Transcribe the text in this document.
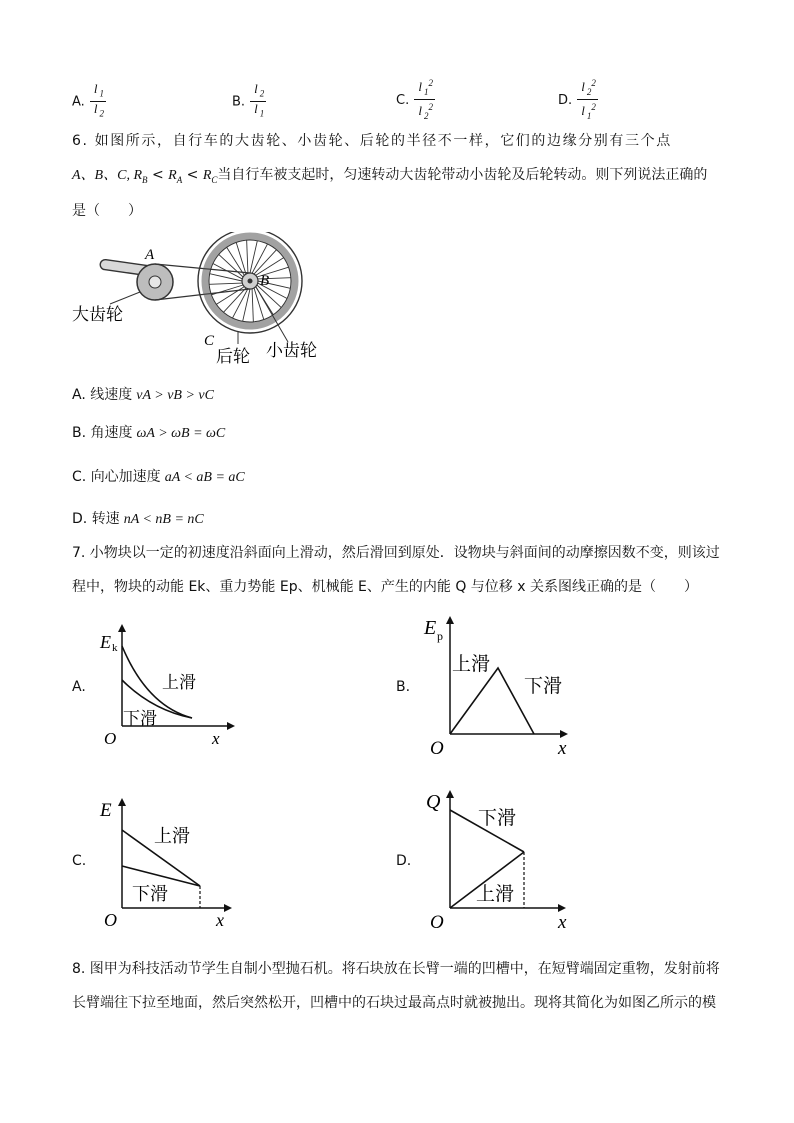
A. $\frac{l _1}{l _2}$	B. $\frac{l _2}{l _1}$	C. $\frac{l _1^2}{l _2^2}$	D. $\frac{l _2^2}{l _1^2}$
6. 如图所示，自行车的大齿轮、小齿轮、后轮的半径不一样，它们的边缘分别有三个点
A、B、C, $R_B < R_A < R_C$当自行车被支起时，匀速转动大齿轮带动小齿轮及后轮转动。则下列说法正确的
是（　　）
A
B
C
大齿轮
后轮 小齿轮
A. 线速度 vA > vB > vC
B. 角速度 ωA > ωB = ωC
C. 向心加速度 aA < aB = aC
D. 转速 nA < nB = nC
7. 小物块以一定的初速度沿斜面向上滑动，然后滑回到原处．设物块与斜面间的动摩擦因数不变，则该过
程中，物块的动能 Ek、重力势能 Ep、机械能 E、产生的内能 Q 与位移 x 关系图线正确的是（　　）
A.
E k
上滑
下滑
O	x
B.
E p
上滑
下滑
O	x
C.
E
上滑
下滑
O	x
D.
Q
下滑
上滑
O	x
8. 图甲为科技活动节学生自制小型抛石机。将石块放在长臂一端的凹槽中，在短臂端固定重物，发射前将
长臂端往下拉至地面，然后突然松开，凹槽中的石块过最高点时就被抛出。现将其简化为如图乙所示的模
